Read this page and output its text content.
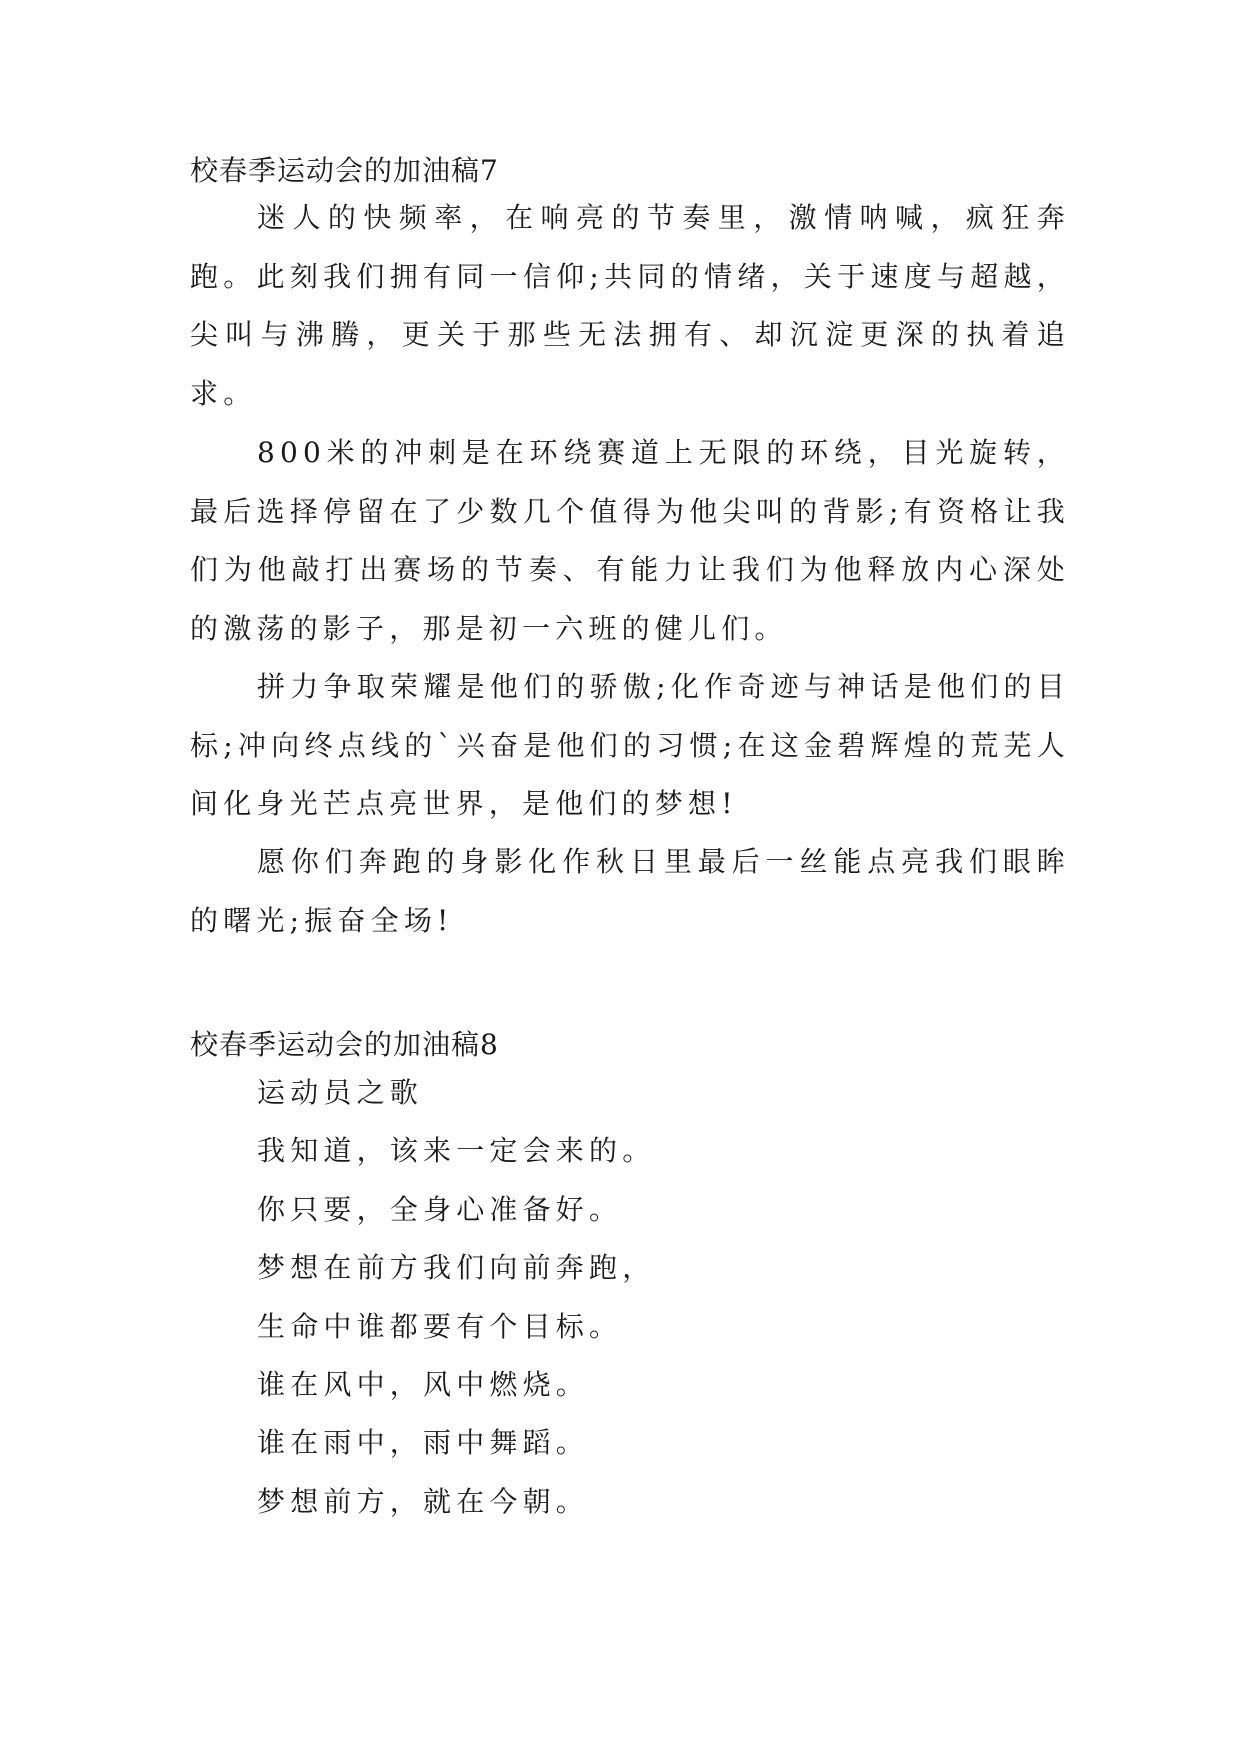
校春季运动会的加油稿7

迷人的快频率，在响亮的节奏里，激情呐喊，疯狂奔跑。此刻我们拥有同一信仰;共同的情绪，关于速度与超越，尖叫与沸腾，更关于那些无法拥有、却沉淀更深的执着追求。

800米的冲刺是在环绕赛道上无限的环绕，目光旋转，最后选择停留在了少数几个值得为他尖叫的背影;有资格让我们为他敲打出赛场的节奏、有能力让我们为他释放内心深处的激荡的影子，那是初一六班的健儿们。

拼力争取荣耀是他们的骄傲;化作奇迹与神话是他们的目标;冲向终点线的`兴奋是他们的习惯;在这金碧辉煌的荒芜人间化身光芒点亮世界，是他们的梦想!

愿你们奔跑的身影化作秋日里最后一丝能点亮我们眼眸的曙光;振奋全场!

校春季运动会的加油稿8
运动员之歌
我知道，该来一定会来的。
你只要，全身心准备好。
梦想在前方我们向前奔跑，
生命中谁都要有个目标。
谁在风中，风中燃烧。
谁在雨中，雨中舞蹈。
梦想前方，就在今朝。
